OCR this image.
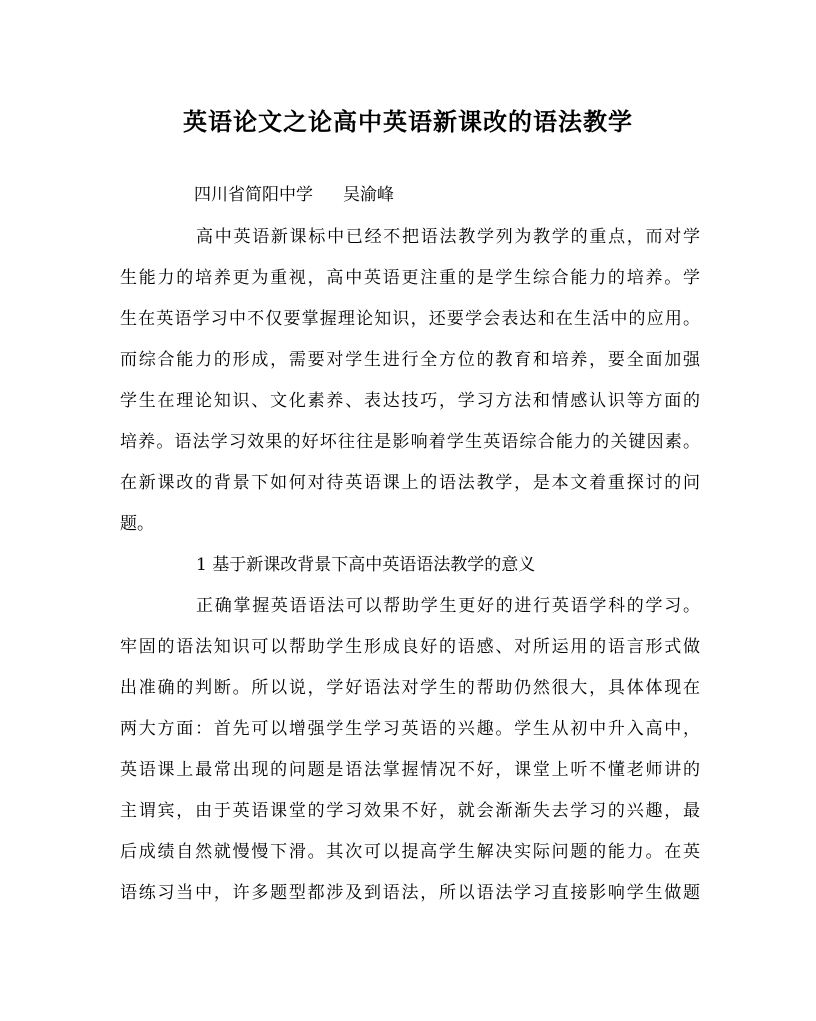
英语论文之论高中英语新课改的语法教学
四川省简阳中学 吴渝峰

高中英语新课标中已经不把语法教学列为教学的重点，而对学
生能力的培养更为重视，高中英语更注重的是学生综合能力的培养。学
生在英语学习中不仅要掌握理论知识，还要学会表达和在生活中的应用。
而综合能力的形成，需要对学生进行全方位的教育和培养，要全面加强
学生在理论知识、文化素养、表达技巧，学习方法和情感认识等方面的
培养。语法学习效果的好坏往往是影响着学生英语综合能力的关键因素。
在新课改的背景下如何对待英语课上的语法教学，是本文着重探讨的问
题。

1 基于新课改背景下高中英语语法教学的意义

正确掌握英语语法可以帮助学生更好的进行英语学科的学习。
牢固的语法知识可以帮助学生形成良好的语感、对所运用的语言形式做
出准确的判断。所以说，学好语法对学生的帮助仍然很大，具体体现在
两大方面：首先可以增强学生学习英语的兴趣。学生从初中升入高中，
英语课上最常出现的问题是语法掌握情况不好，课堂上听不懂老师讲的
主谓宾，由于英语课堂的学习效果不好，就会渐渐失去学习的兴趣，最
后成绩自然就慢慢下滑。其次可以提高学生解决实际问题的能力。在英
语练习当中，许多题型都涉及到语法，所以语法学习直接影响学生做题
